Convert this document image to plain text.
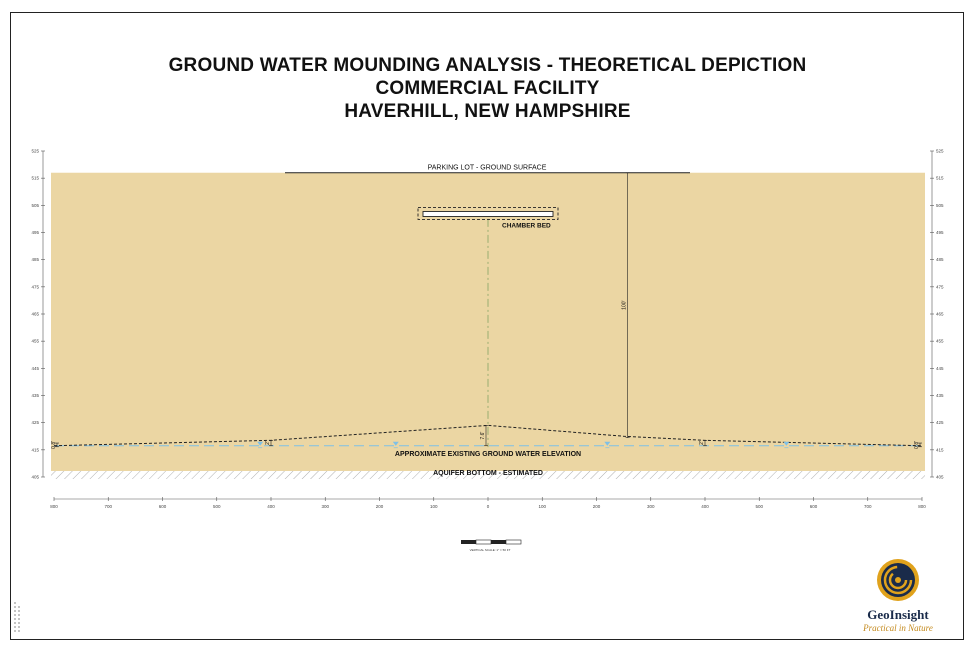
GROUND WATER MOUNDING ANALYSIS - THEORETICAL DEPICTION
COMMERCIAL FACILITY
HAVERHILL, NEW HAMPSHIRE
525
515
505
495
485
475
465
455
445
435
425
415
405
525
515
505
495
485
475
465
455
445
435
425
415
405
PARKING LOT - GROUND SURFACE
CHAMBER BED
100'
7.6'
2'	2'
0.8'	0.8'
APPROXIMATE EXISTING GROUND WATER ELEVATION
AQUIFER BOTTOM - ESTIMATED
800	700	600	500	400	300	200	100	0	100	200	300	400	500	600	700	800
VERTICAL SCALE: 1" = 50 FT
GeoInsight
Practical in Nature
